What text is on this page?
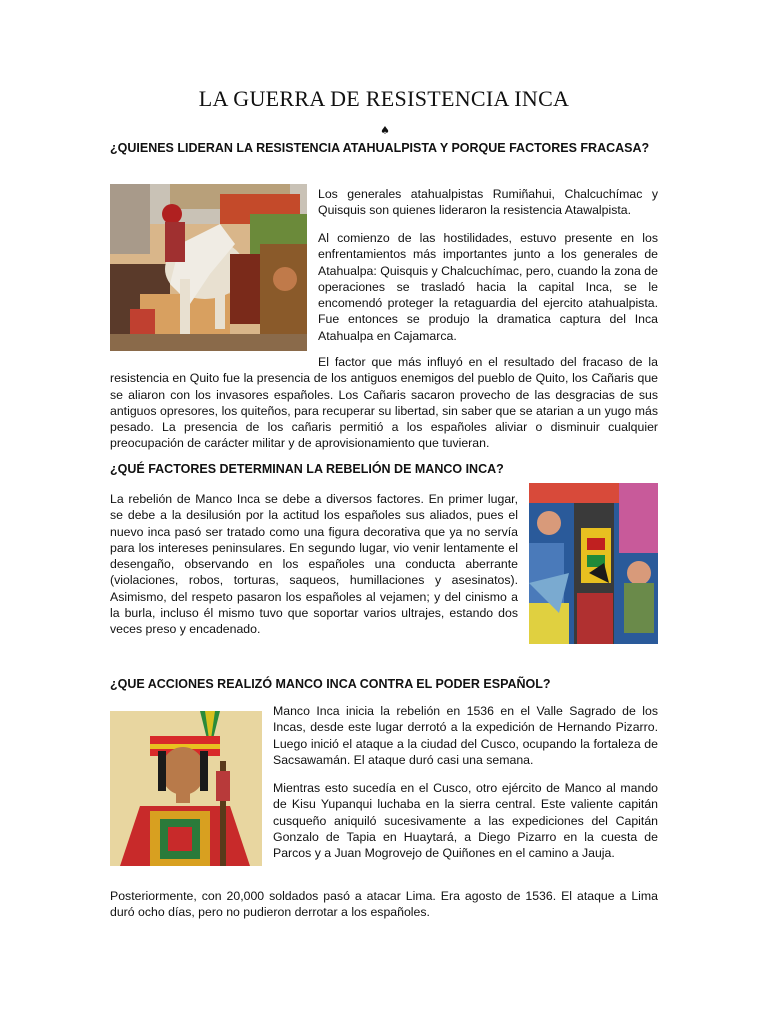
LA GUERRA DE RESISTENCIA INCA
♠
¿QUIENES LIDERAN LA RESISTENCIA ATAHUALPISTA Y PORQUE FACTORES FRACASA?

Los generales atahualpistas Rumiñahui, Chalcuchímac y Quisquis son quienes lideraron la resistencia Atawalpista.

Al comienzo de las hostilidades, estuvo presente en los enfrentamientos más importantes junto a los generales de Atahualpa: Quisquis y Chalcuchímac, pero, cuando la zona de operaciones se trasladó hacia la capital Inca, se le encomendó proteger la retaguardia del ejercito atahualpista. Fue entonces se produjo la dramatica captura del Inca Atahualpa en Cajamarca.

El factor que más influyó en el resultado del fracaso de la resistencia en Quito fue la presencia de los antiguos enemigos del pueblo de Quito, los Cañaris que se aliaron con los invasores españoles. Los Cañaris sacaron provecho de las desgracias de sus antiguos opresores, los quiteños, para recuperar su libertad, sin saber que se atarian a un yugo más pesado. La presencia de los cañaris permitió a los españoles aliviar o disminuir cualquier preocupación de carácter militar y de aprovisionamiento que tuvieran.

¿QUÉ FACTORES DETERMINAN LA REBELIÓN DE MANCO INCA?

La rebelión de Manco Inca se debe a diversos factores. En primer lugar, se debe a la desilusión por la actitud los españoles sus aliados, pues el nuevo inca pasó ser tratado como una figura decorativa que ya no servía para los intereses peninsulares. En segundo lugar, vio venir lentamente el desengaño, observando en los españoles una conducta aberrante (violaciones, robos, torturas, saqueos, humillaciones y asesinatos). Asimismo, del respeto pasaron los españoles al vejamen; y del cinismo a la burla, incluso él mismo tuvo que soportar varios ultrajes, estando dos veces preso y encadenado.

¿QUE ACCIONES REALIZÓ MANCO INCA CONTRA EL PODER ESPAÑOL?

Manco Inca inicia la rebelión en 1536 en el Valle Sagrado de los Incas, desde este lugar derrotó a la expedición de Hernando Pizarro. Luego inició el ataque a la ciudad del Cusco, ocupando la fortaleza de Sacsawamán. El ataque duró casi una semana.

Mientras esto sucedía en el Cusco, otro ejército de Manco al mando de Kisu Yupanqui luchaba en la sierra central. Este valiente capitán cusqueño aniquiló sucesivamente a las expediciones del Capitán Gonzalo de Tapia en Huaytará, a Diego Pizarro en la cuesta de Parcos y a Juan Mogrovejo de Quiñones en el camino a Jauja.

Posteriormente, con 20,000 soldados pasó a atacar Lima. Era agosto de 1536. El ataque a Lima duró ocho días, pero no pudieron derrotar a los españoles.
